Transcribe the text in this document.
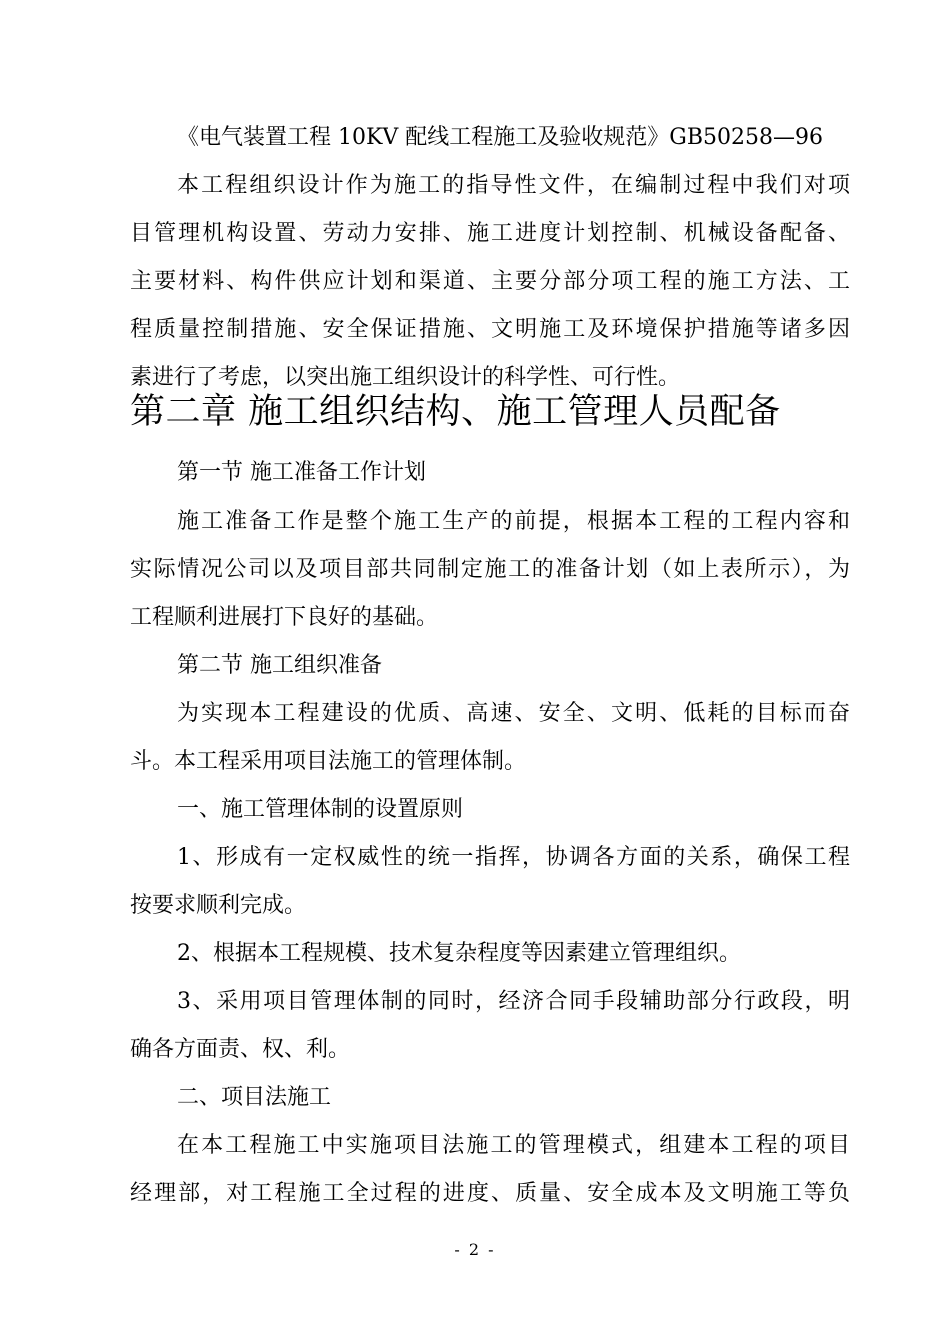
《电气装置工程 10KV 配线工程施工及验收规范》GB50258—96
本工程组织设计作为施工的指导性文件，在编制过程中我们对项
目管理机构设置、劳动力安排、施工进度计划控制、机械设备配备、
主要材料、构件供应计划和渠道、主要分部分项工程的施工方法、工
程质量控制措施、安全保证措施、文明施工及环境保护措施等诸多因
素进行了考虑，以突出施工组织设计的科学性、可行性。
第二章 施工组织结构、施工管理人员配备
第一节 施工准备工作计划
施工准备工作是整个施工生产的前提，根据本工程的工程内容和
实际情况公司以及项目部共同制定施工的准备计划（如上表所示），为
工程顺利进展打下良好的基础。
第二节 施工组织准备
为实现本工程建设的优质、高速、安全、文明、低耗的目标而奋
斗。本工程采用项目法施工的管理体制。
一、施工管理体制的设置原则
1、形成有一定权威性的统一指挥，协调各方面的关系，确保工程
按要求顺利完成。
2、根据本工程规模、技术复杂程度等因素建立管理组织。
3、采用项目管理体制的同时，经济合同手段辅助部分行政段，明
确各方面责、权、利。
二、项目法施工
在本工程施工中实施项目法施工的管理模式，组建本工程的项目
经理部，对工程施工全过程的进度、质量、安全成本及文明施工等负
- 2 -
